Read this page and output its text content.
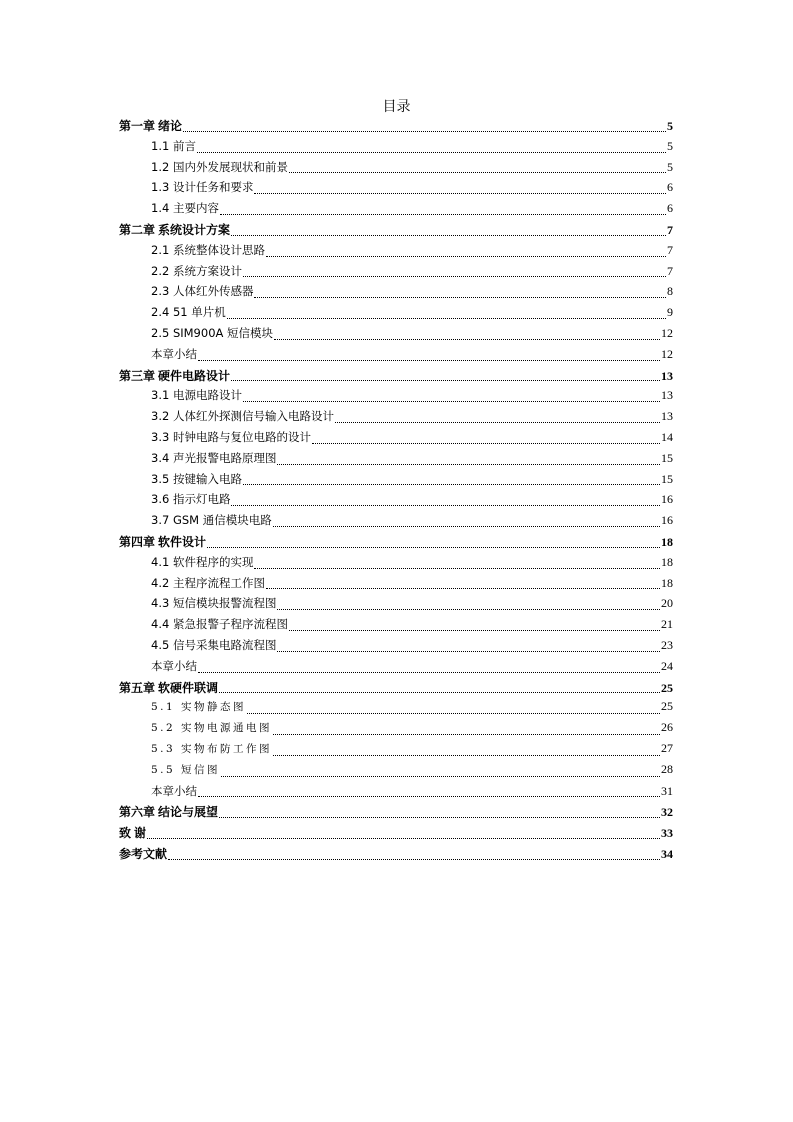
目录
第一章 绪论	5
1.1 前言	5
1.2 国内外发展现状和前景	5
1.3 设计任务和要求	6
1.4 主要内容	6
第二章 系统设计方案	7
2.1 系统整体设计思路	7
2.2 系统方案设计	7
2.3 人体红外传感器	8
2.4 51 单片机	9
2.5 SIM900A 短信模块	12
本章小结	12
第三章 硬件电路设计	13
3.1 电源电路设计	13
3.2 人体红外探测信号输入电路设计	13
3.3 时钟电路与复位电路的设计	14
3.4 声光报警电路原理图	15
3.5 按键输入电路	15
3.6 指示灯电路	16
3.7 GSM 通信模块电路	16
第四章 软件设计	18
4.1 软件程序的实现	18
4.2 主程序流程工作图	18
4.3 短信模块报警流程图	20
4.4 紧急报警子程序流程图	21
4.5 信号采集电路流程图	23
本章小结	24
第五章 软硬件联调	25
5.1 实物静态图	25
5.2 实物电源通电图	26
5.3 实物布防工作图	27
5.5 短信图	28
本章小结	31
第六章 结论与展望	32
致 谢	33
参考文献	34
